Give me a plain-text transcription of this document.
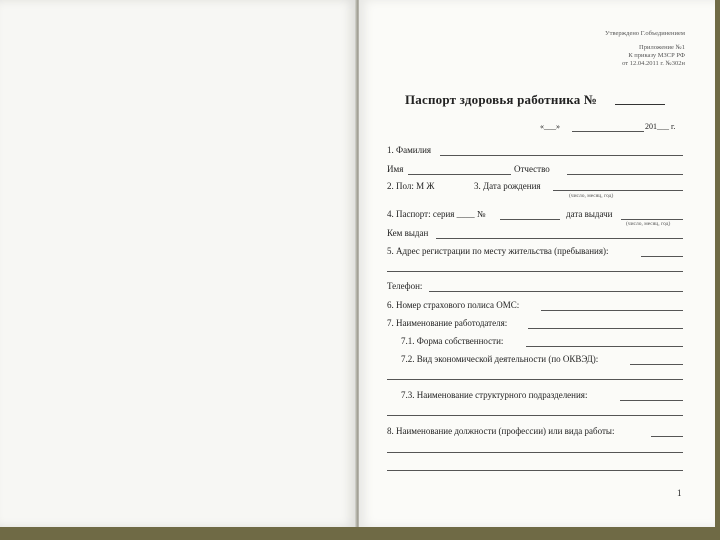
Утверждено Г.объединением
Приложение №1
К приказу МЗСР РФ
от 12.04.2011 г. №302н
Паспорт здоровья работника №
«___»	201___ г.
1. Фамилия
Имя	Отчество
2. Пол: М Ж	3. Дата рождения
(число, месяц, год)
4. Паспорт: серия ____ №	дата выдачи
(число, месяц, год)
Кем выдан
5. Адрес регистрации по месту жительства (пребывания):
Телефон:
6. Номер страхового полиса ОМС:
7. Наименование работодателя:
7.1. Форма собственности:
7.2. Вид экономической деятельности (по ОКВЭД):
7.3. Наименование структурного подразделения:
8. Наименование должности (профессии) или вида работы:
1
